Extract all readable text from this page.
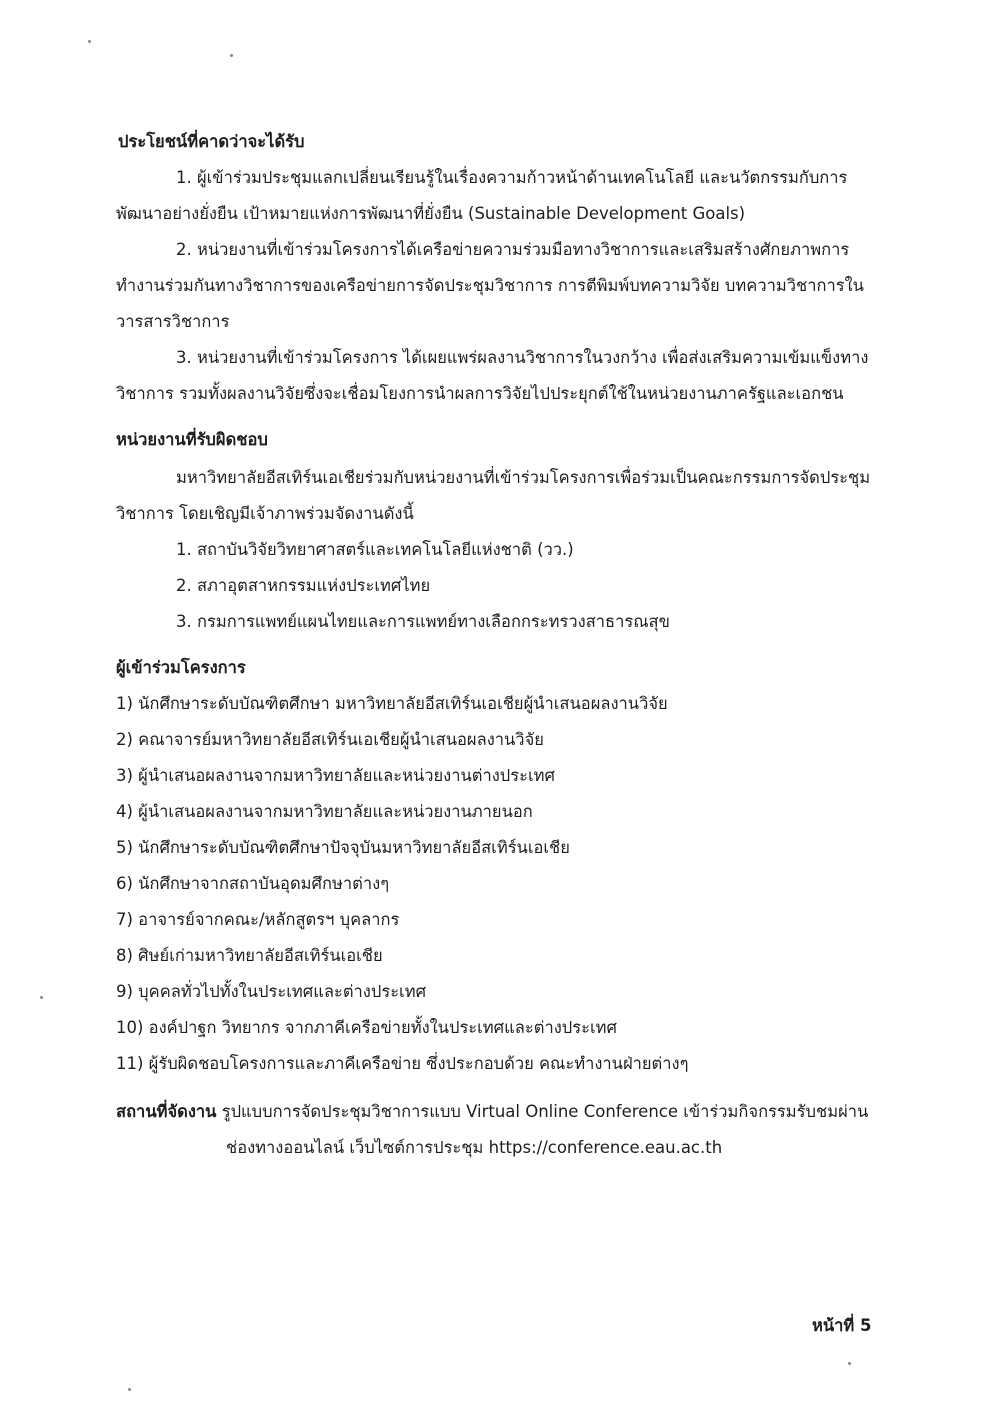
ประโยชน์ที่คาดว่าจะได้รับ
1. ผู้เข้าร่วมประชุมแลกเปลี่ยนเรียนรู้ในเรื่องความก้าวหน้าด้านเทคโนโลยี และนวัตกรรมกับการ
พัฒนาอย่างยั่งยืน เป้าหมายแห่งการพัฒนาที่ยั่งยืน (Sustainable Development Goals)
2. หน่วยงานที่เข้าร่วมโครงการได้เครือข่ายความร่วมมือทางวิชาการและเสริมสร้างศักยภาพการ
ทำงานร่วมกันทางวิชาการของเครือข่ายการจัดประชุมวิชาการ การตีพิมพ์บทความวิจัย บทความวิชาการใน
วารสารวิชาการ
3. หน่วยงานที่เข้าร่วมโครงการ ได้เผยแพร่ผลงานวิชาการในวงกว้าง เพื่อส่งเสริมความเข้มแข็งทาง
วิชาการ รวมทั้งผลงานวิจัยซึ่งจะเชื่อมโยงการนำผลการวิจัยไปประยุกต์ใช้ในหน่วยงานภาครัฐและเอกชน
หน่วยงานที่รับผิดชอบ
มหาวิทยาลัยอีสเทิร์นเอเชียร่วมกับหน่วยงานที่เข้าร่วมโครงการเพื่อร่วมเป็นคณะกรรมการจัดประชุม
วิชาการ โดยเชิญมีเจ้าภาพร่วมจัดงานดังนี้
1. สถาบันวิจัยวิทยาศาสตร์และเทคโนโลยีแห่งชาติ (วว.)
2. สภาอุตสาหกรรมแห่งประเทศไทย
3. กรมการแพทย์แผนไทยและการแพทย์ทางเลือกกระทรวงสาธารณสุข
ผู้เข้าร่วมโครงการ
1) นักศึกษาระดับบัณฑิตศึกษา มหาวิทยาลัยอีสเทิร์นเอเชียผู้นำเสนอผลงานวิจัย
2) คณาจารย์มหาวิทยาลัยอีสเทิร์นเอเชียผู้นำเสนอผลงานวิจัย
3) ผู้นำเสนอผลงานจากมหาวิทยาลัยและหน่วยงานต่างประเทศ
4) ผู้นำเสนอผลงานจากมหาวิทยาลัยและหน่วยงานภายนอก
5) นักศึกษาระดับบัณฑิตศึกษาปัจจุบันมหาวิทยาลัยอีสเทิร์นเอเชีย
6) นักศึกษาจากสถาบันอุดมศึกษาต่างๆ
7) อาจารย์จากคณะ/หลักสูตรฯ บุคลากร
8) ศิษย์เก่ามหาวิทยาลัยอีสเทิร์นเอเชีย
9) บุคคลทั่วไปทั้งในประเทศและต่างประเทศ
10) องค์ปาฐก วิทยากร จากภาคีเครือข่ายทั้งในประเทศและต่างประเทศ
11) ผู้รับผิดชอบโครงการและภาคีเครือข่าย ซึ่งประกอบด้วย คณะทำงานฝ่ายต่างๆ
สถานที่จัดงาน รูปแบบการจัดประชุมวิชาการแบบ Virtual Online Conference เข้าร่วมกิจกรรมรับชมผ่าน
ช่องทางออนไลน์ เว็บไซต์การประชุม https://conference.eau.ac.th
หน้าที่ 5
